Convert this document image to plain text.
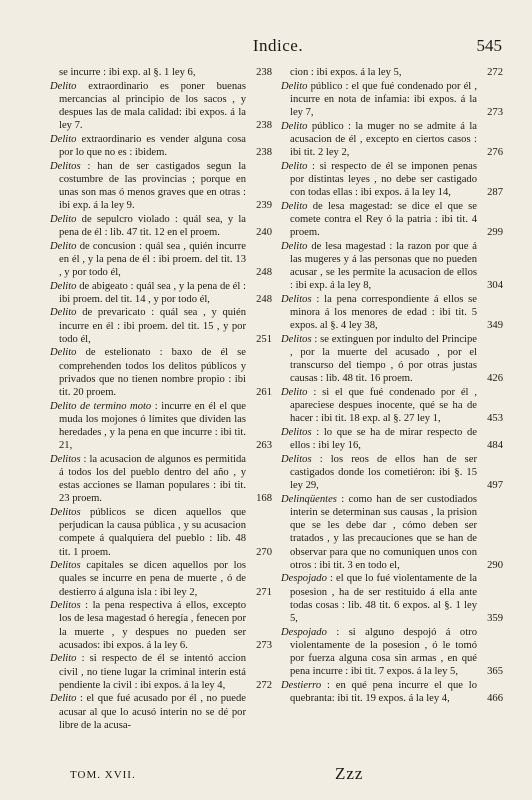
Indice.	545
se incurre : ibi exp. al §. 1 ley 6,	238
Delito extraordinario es poner buenas mercancias al principio de los sacos , y despues las de mala calidad: ibi expos. á la ley 7.	238
Delito extraordinario es vender alguna cosa por lo que no es : ibidem.	238
Delitos : han de ser castigados segun la costumbre de las provincias ; porque en unas son mas ó menos graves que en otras : ibi exp. á la ley 9.	239
Delito de sepulcro violado : quál sea, y la pena de él : lib. 47 tit. 12 en el proem.	240
Delito de concusion : quál sea , quién incurre en él , y la pena de él : ibi proem. del tit. 13 , y por todo él,	248
Delito de abigeato : quál sea , y la pena de él : ibi proem. del tit. 14 , y por todo él,	248
Delito de prevaricato : quál sea , y quién incurre en él : ibi proem. del tit. 15 , y por todo él,	251
Delito de estelionato : baxo de él se comprehenden todos los delitos públicos y privados que no tienen nombre propio : ibi tit. 20 proem.	261
Delito de termino moto : incurre en él el que muda los mojones ó límites que dividen las heredades , y la pena en que incurre : ibi tit. 21,	263
Delitos : la acusacion de algunos es permitida á todos los del pueblo dentro del año , y estas acciones se llaman populares : ibi tit. 23 proem.	168
Delitos públicos se dicen aquellos que perjudican la causa pública , y su acusacion compete á qualquiera del pueblo : lib. 48 tit. 1 proem.	270
Delitos capitales se dicen aquellos por los quales se incurre en pena de muerte , ó de destierro á alguna isla : ibi ley 2,	271
Delitos : la pena respectiva á ellos, excepto los de lesa magestad ó heregía , fenecen por la muerte , y despues no pueden ser acusados: ibi expos. á la ley 6.	273
Delito : si respecto de él se intentó accion civil , no tiene lugar la criminal interin está pendiente la civil : ibi expos. á la ley 4,	272
Delito : el que fué acusado por él , no puede acusar al que lo acusó interin no se dé por libre de la acusa-
cion : ibi expos. á la ley 5,	272
Delito público : el que fué condenado por él , incurre en nota de infamia: ibi expos. á la ley 7,	273
Delito público : la muger no se admite á la acusacion de él , excepto en ciertos casos : ibi tit. 2 ley 2,	276
Delito : si respecto de él se imponen penas por distintas leyes , no debe ser castigado con todas ellas : ibi expos. á la ley 14,	287
Delito de lesa magestad: se dice el que se comete contra el Rey ó la patria : ibi tit. 4 proem.	299
Delito de lesa magestad : la razon por que á las mugeres y á las personas que no pueden acusar , se les permite la acusacion de ellos : ibi exp. á la ley 8,	304
Delitos : la pena correspondiente á ellos se minora á los menores de edad : ibi tit. 5 expos. al §. 4 ley 38,	349
Delitos : se extinguen por indulto del Principe , por la muerte del acusado , por el transcurso del tiempo , ó por otras justas causas : lib. 48 tit. 16 proem.	426
Delito : si el que fué condenado por él , apareciese despues inocente, qué se ha de hacer : ibi tit. 18 exp. al §. 27 ley 1,	453
Delitos : lo que se ha de mirar respecto de ellos : ibi ley 16,	484
Delitos : los reos de ellos han de ser castigados donde los cometiéron: ibi §. 15 ley 29,	497
Delinqüentes : como han de ser custodiados interin se determinan sus causas , la prision que se les debe dar , cómo deben ser tratados , y las precauciones que se han de observar para que no comuniquen unos con otros : ibi tit. 3 en todo el,	290
Despojado : el que lo fué violentamente de la posesion , ha de ser restituido á ella ante todas cosas : lib. 48 tit. 6 expos. al §. 1 ley 5,	359
Despojado : si alguno despojó á otro violentamente de la posesion , ó le tomó por fuerza alguna cosa sin armas , en qué pena incurre : ibi tit. 7 expos. á la ley 5,	365
Destierro : en qué pena incurre el que lo quebranta: ibi tit. 19 expos. á la ley 4,	466
TOM. XVII.	Zzz
